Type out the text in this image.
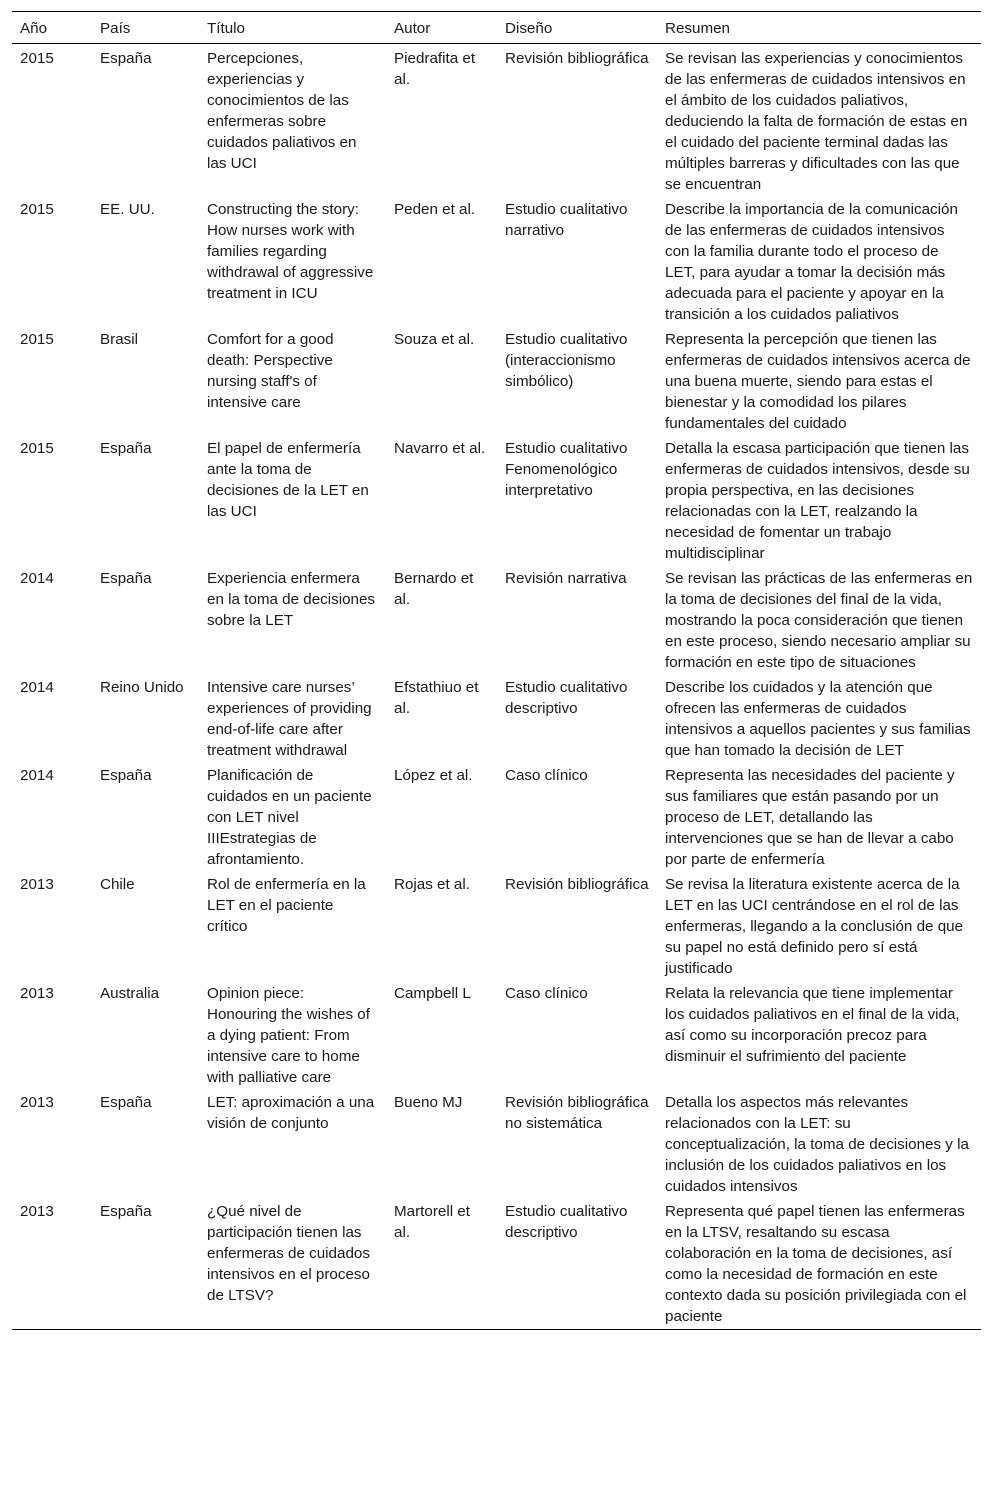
Año	País	Título	Autor	Diseño	Resumen
2015	España	Percepciones, experiencias y conocimientos de las enfermeras sobre cuidados paliativos en las UCI	Piedrafita et al.	Revisión bibliográfica	Se revisan las experiencias y conocimientos de las enfermeras de cuidados intensivos en el ámbito de los cuidados paliativos, deduciendo la falta de formación de estas en el cuidado del paciente terminal dadas las múltiples barreras y dificultades con las que se encuentran
2015	EE. UU.	Constructing the story: How nurses work with families regarding withdrawal of aggressive treatment in ICU	Peden et al.	Estudio cualitativo narrativo	Describe la importancia de la comunicación de las enfermeras de cuidados intensivos con la familia durante todo el proceso de LET, para ayudar a tomar la decisión más adecuada para el paciente y apoyar en la transición a los cuidados paliativos
2015	Brasil	Comfort for a good death: Perspective nursing staff's of intensive care	Souza et al.	Estudio cualitativo (interaccionismo simbólico)	Representa la percepción que tienen las enfermeras de cuidados intensivos acerca de una buena muerte, siendo para estas el bienestar y la comodidad los pilares fundamentales del cuidado
2015	España	El papel de enfermería ante la toma de decisiones de la LET en las UCI	Navarro et al.	Estudio cualitativo Fenomenológico interpretativo	Detalla la escasa participación que tienen las enfermeras de cuidados intensivos, desde su propia perspectiva, en las decisiones relacionadas con la LET, realzando la necesidad de fomentar un trabajo multidisciplinar
2014	España	Experiencia enfermera en la toma de decisiones sobre la LET	Bernardo et al.	Revisión narrativa	Se revisan las prácticas de las enfermeras en la toma de decisiones del final de la vida, mostrando la poca consideración que tienen en este proceso, siendo necesario ampliar su formación en este tipo de situaciones
2014	Reino Unido	Intensive care nurses’ experiences of providing end-of-life care after treatment withdrawal	Efstathiuo et al.	Estudio cualitativo descriptivo	Describe los cuidados y la atención que ofrecen las enfermeras de cuidados intensivos a aquellos pacientes y sus familias que han tomado la decisión de LET
2014	España	Planificación de cuidados en un paciente con LET nivel IIIEstrategias de afrontamiento.	López et al.	Caso clínico	Representa las necesidades del paciente y sus familiares que están pasando por un proceso de LET, detallando las intervenciones que se han de llevar a cabo por parte de enfermería
2013	Chile	Rol de enfermería en la LET en el paciente crítico	Rojas et al.	Revisión bibliográfica	Se revisa la literatura existente acerca de la LET en las UCI centrándose en el rol de las enfermeras, llegando a la conclusión de que su papel no está definido pero sí está justificado
2013	Australia	Opinion piece: Honouring the wishes of a dying patient: From intensive care to home with palliative care	Campbell L	Caso clínico	Relata la relevancia que tiene implementar los cuidados paliativos en el final de la vida, así como su incorporación precoz para disminuir el sufrimiento del paciente
2013	España	LET: aproximación a una visión de conjunto	Bueno MJ	Revisión bibliográfica no sistemática	Detalla los aspectos más relevantes relacionados con la LET: su conceptualización, la toma de decisiones y la inclusión de los cuidados paliativos en los cuidados intensivos
2013	España	¿Qué nivel de participación tienen las enfermeras de cuidados intensivos en el proceso de LTSV?	Martorell et al.	Estudio cualitativo descriptivo	Representa qué papel tienen las enfermeras en la LTSV, resaltando su escasa colaboración en la toma de decisiones, así como la necesidad de formación en este contexto dada su posición privilegiada con el paciente
